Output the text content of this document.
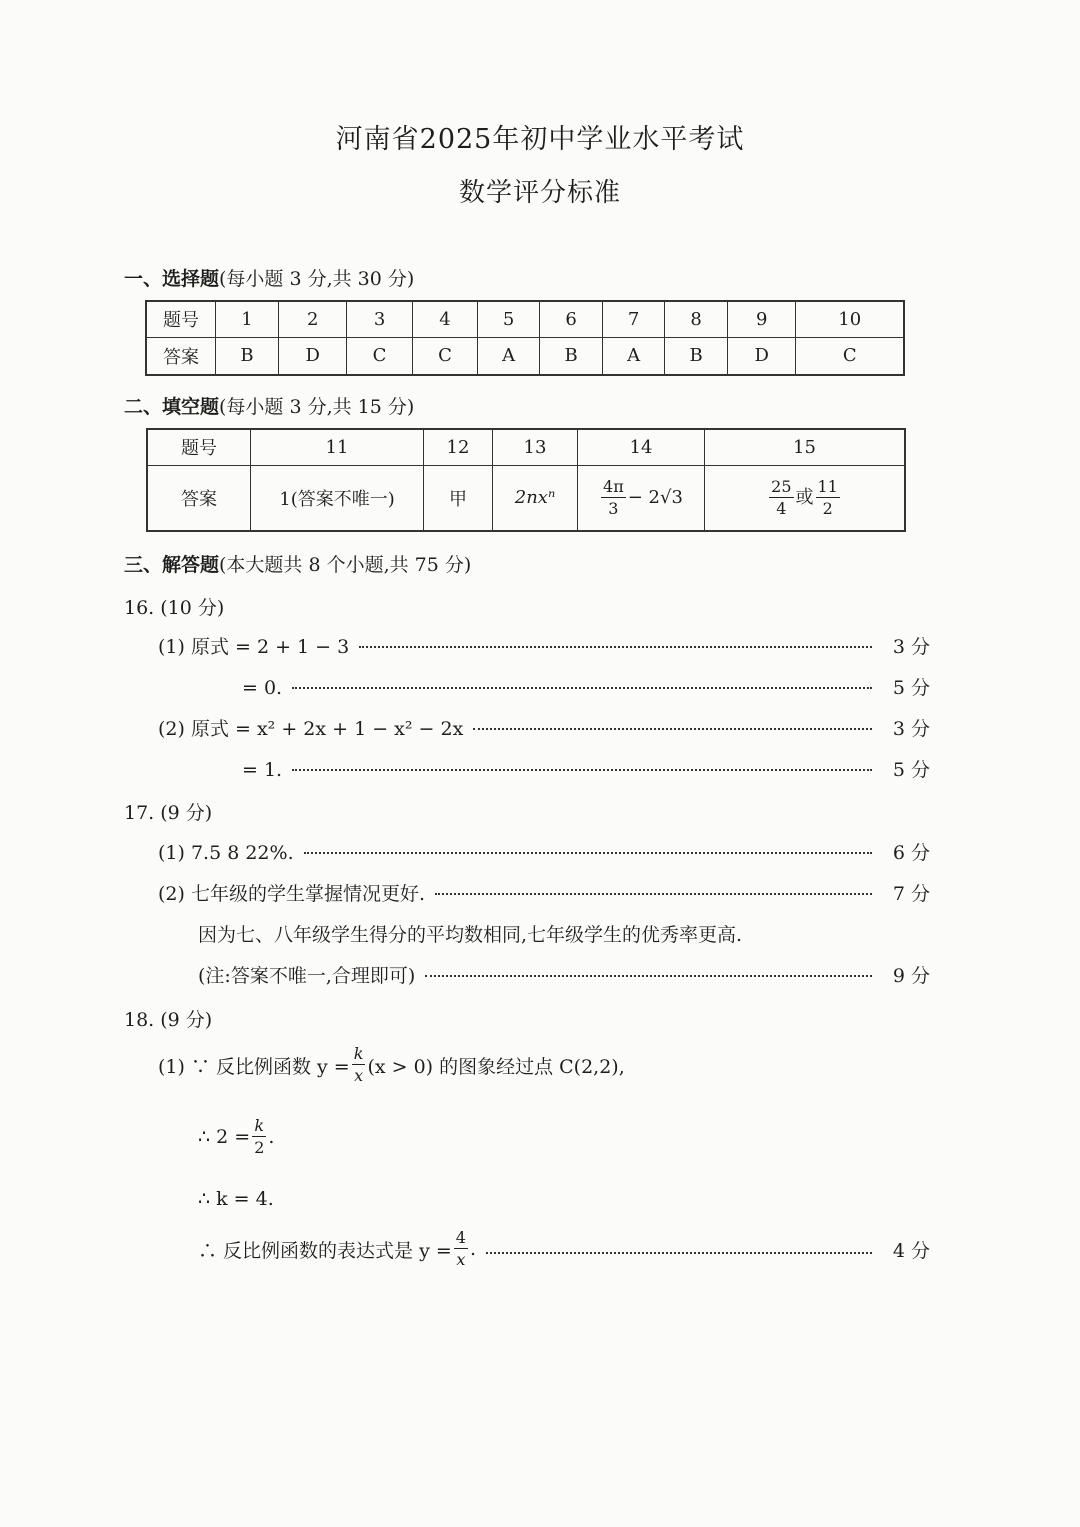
河南省2025年初中学业水平考试
数学评分标准
一、选择题(每小题 3 分,共 30 分)
题号	1	2	3	4	5	6	7	8	9	10
答案	B	D	C	C	A	B	A	B	D	C
二、填空题(每小题 3 分,共 15 分)
题号	11	12	13	14	15
答案	1(答案不唯一)	甲	2nxⁿ	$\frac{4\pi}{3} - 2√3$	$\frac{25}{4}$ 或 $\frac{11}{2}$
三、解答题(本大题共 8 个小题,共 75 分)
16. (10 分)
(1) 原式 = 2 + 1 − 3	3 分
= 0.	5 分
(2) 原式 = x² + 2x + 1 − x² − 2x	3 分
= 1.	5 分
17. (9 分)
(1) 7.5 8 22%.	6 分
(2) 七年级的学生掌握情况更好.	7 分
因为七、八年级学生得分的平均数相同,七年级学生的优秀率更高.
(注:答案不唯一,合理即可)	9 分
18. (9 分)
(1) ∵ 反比例函数 $y = \frac{k}{x} (x > 0)$ 的图象经过点 C(2,2),
∴ $2 = \frac{k}{2}$ .
∴ k = 4.
∴ 反比例函数的表达式是 $y = \frac{4}{x}$ .	4 分
